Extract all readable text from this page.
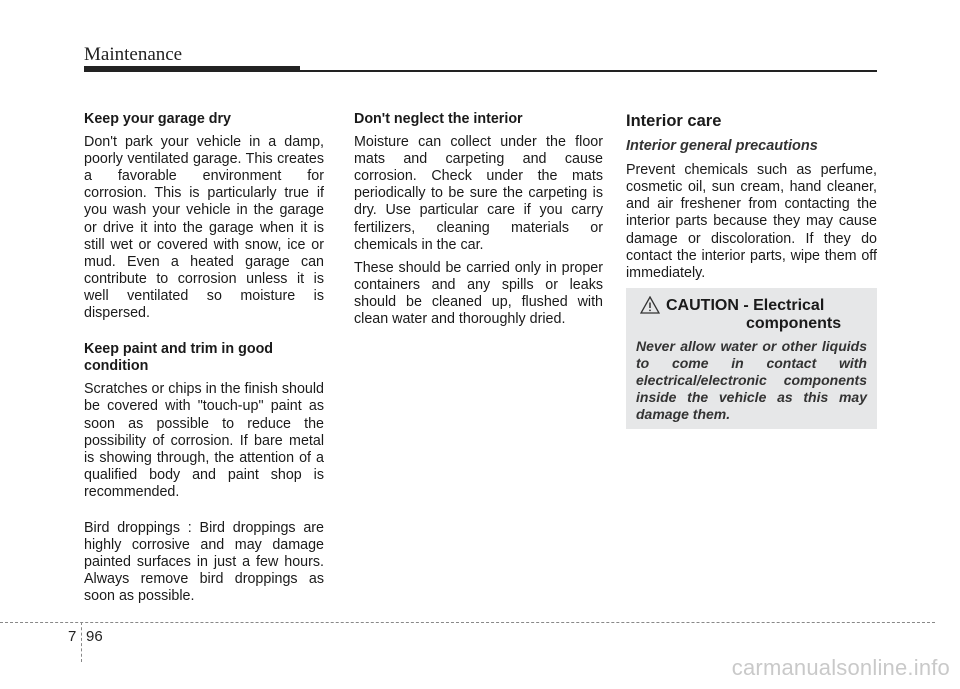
Maintenance

Keep your garage dry

Don't park your vehicle in a damp, poorly ventilated garage. This creates a favorable environment for corrosion. This is particularly true if you wash your vehicle in the garage or drive it into the garage when it is still wet or covered with snow, ice or mud. Even a heated garage can contribute to corrosion unless it is well ventilated so moisture is dispersed.

Keep paint and trim in good condition

Scratches or chips in the finish should be covered with "touch-up" paint as soon as possible to reduce the possibility of corrosion. If bare metal is showing through, the attention of a qualified body and paint shop is recommended.

Bird droppings : Bird droppings are highly corrosive and may damage painted surfaces in just a few hours. Always remove bird droppings as soon as possible.

Don't neglect the interior

Moisture can collect under the floor mats and carpeting and cause corrosion. Check under the mats periodically to be sure the carpeting is dry. Use particular care if you carry fertilizers, cleaning materials or chemicals in the car.

These should be carried only in proper containers and any spills or leaks should be cleaned up, flushed with clean water and thoroughly dried.

Interior care
Interior general precautions

Prevent chemicals such as perfume, cosmetic oil, sun cream, hand cleaner, and air freshener from contacting the interior parts because they may cause damage or discoloration. If they do contact the interior parts, wipe them off immediately.

CAUTION - Electrical
components
Never allow water or other liquids to come in contact with electrical/electronic components inside the vehicle as this may damage them.
7 96
carmanualsonline.info
